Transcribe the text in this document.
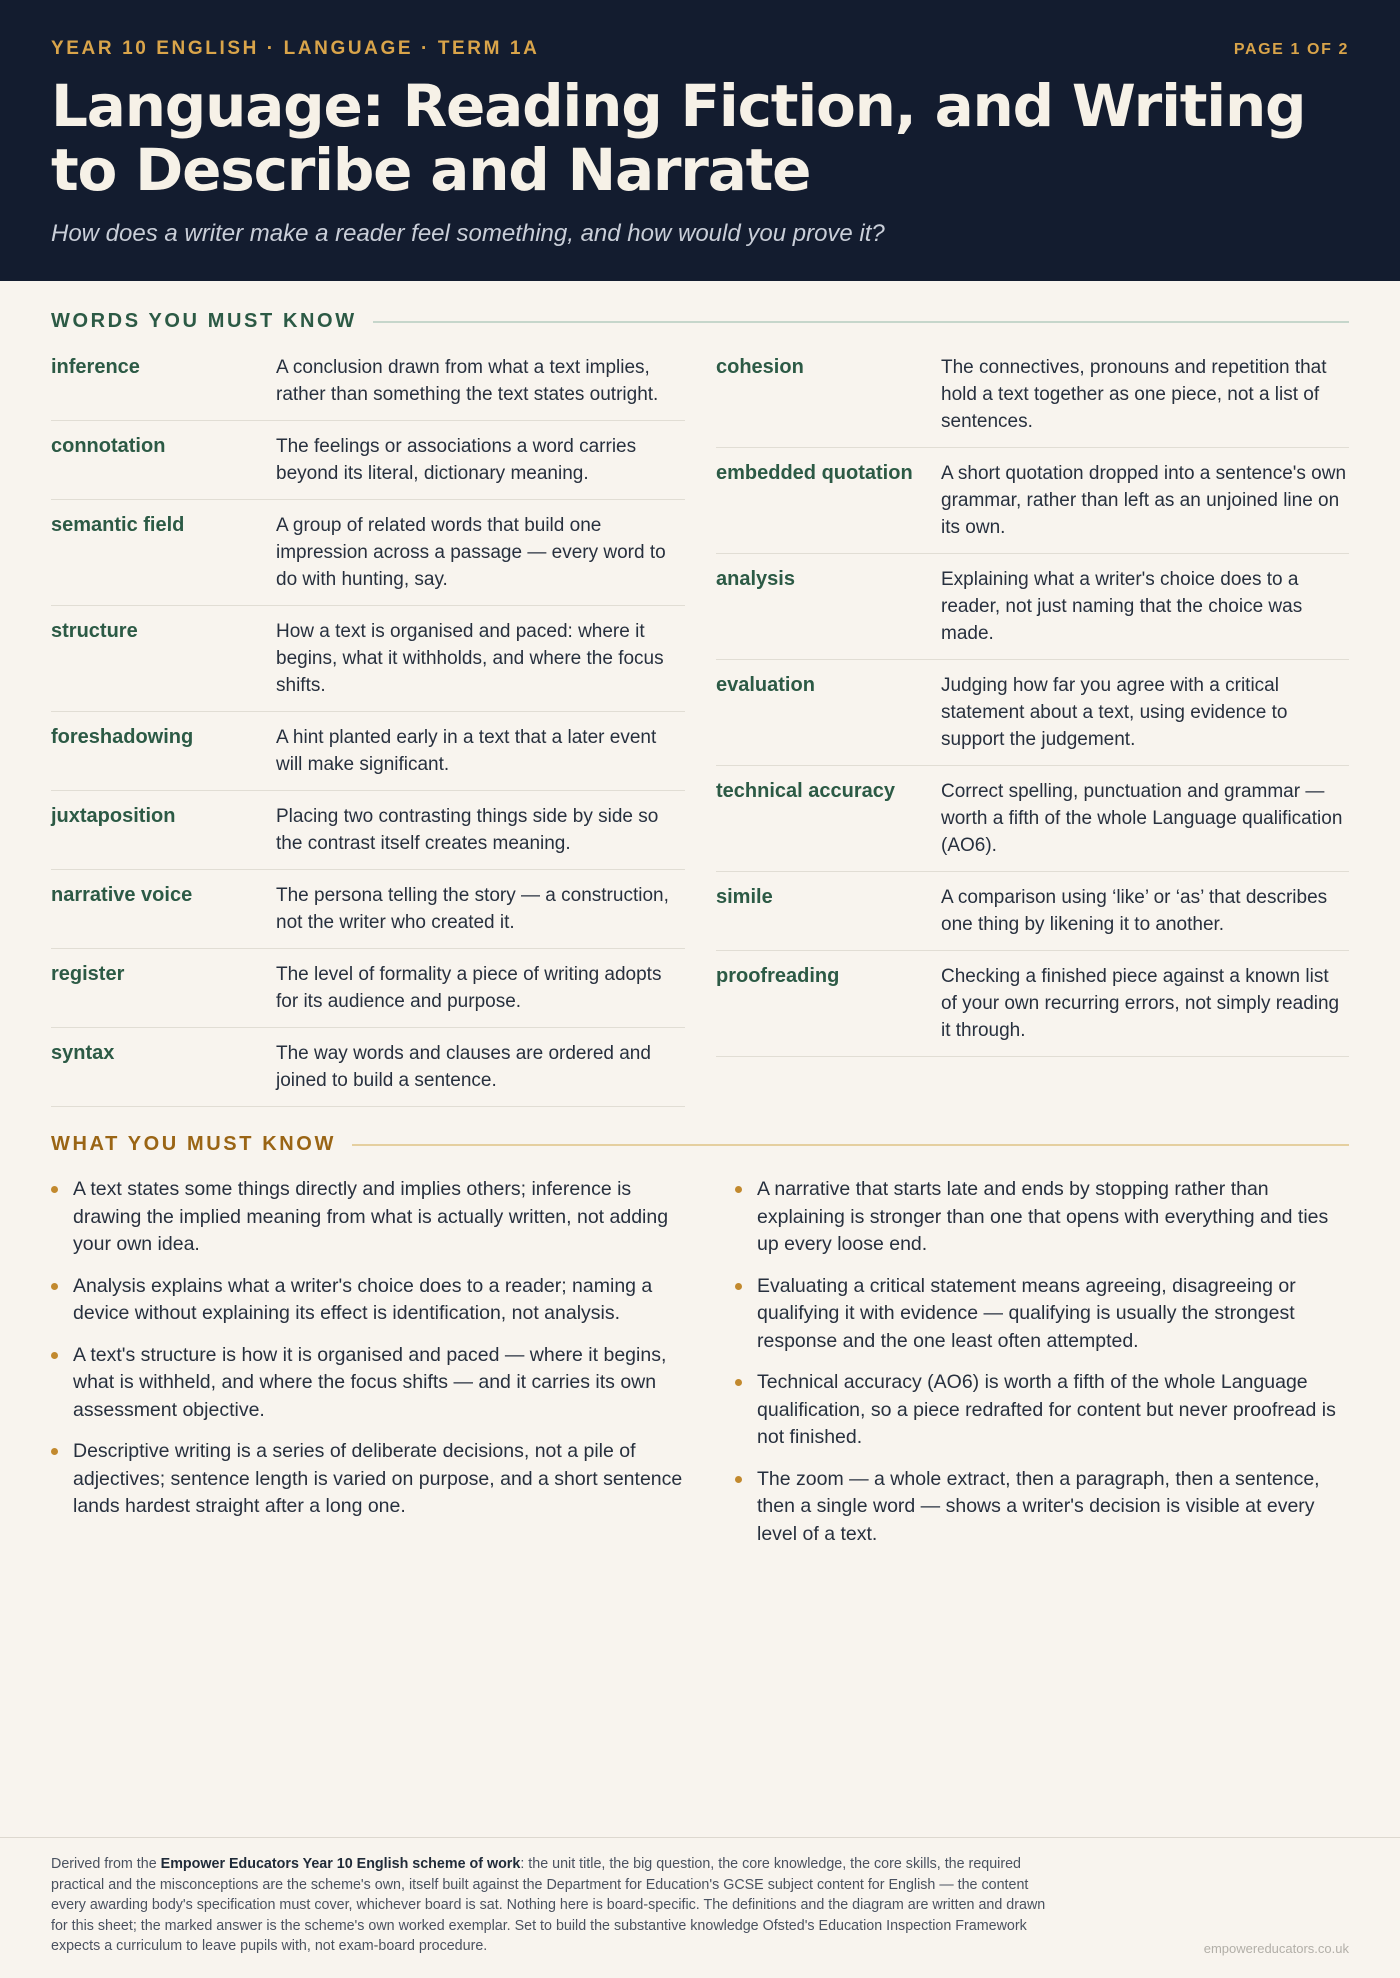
YEAR 10 ENGLISH · LANGUAGE · TERM 1A	PAGE 1 OF 2
Language: Reading Fiction, and Writing to Describe and Narrate
How does a writer make a reader feel something, and how would you prove it?
WORDS YOU MUST KNOW
inference	A conclusion drawn from what a text implies, rather than something the text states outright.
connotation	The feelings or associations a word carries beyond its literal, dictionary meaning.
semantic field	A group of related words that build one impression across a passage — every word to do with hunting, say.
structure	How a text is organised and paced: where it begins, what it withholds, and where the focus shifts.
foreshadowing	A hint planted early in a text that a later event will make significant.
juxtaposition	Placing two contrasting things side by side so the contrast itself creates meaning.
narrative voice	The persona telling the story — a construction, not the writer who created it.
register	The level of formality a piece of writing adopts for its audience and purpose.
syntax	The way words and clauses are ordered and joined to build a sentence.
cohesion	The connectives, pronouns and repetition that hold a text together as one piece, not a list of sentences.
embedded quotation	A short quotation dropped into a sentence's own grammar, rather than left as an unjoined line on its own.
analysis	Explaining what a writer's choice does to a reader, not just naming that the choice was made.
evaluation	Judging how far you agree with a critical statement about a text, using evidence to support the judgement.
technical accuracy	Correct spelling, punctuation and grammar — worth a fifth of the whole Language qualification (AO6).
simile	A comparison using ‘like’ or ‘as’ that describes one thing by likening it to another.
proofreading	Checking a finished piece against a known list of your own recurring errors, not simply reading it through.
WHAT YOU MUST KNOW
A text states some things directly and implies others; inference is drawing the implied meaning from what is actually written, not adding your own idea.
Analysis explains what a writer's choice does to a reader; naming a device without explaining its effect is identification, not analysis.
A text's structure is how it is organised and paced — where it begins, what is withheld, and where the focus shifts — and it carries its own assessment objective.
Descriptive writing is a series of deliberate decisions, not a pile of adjectives; sentence length is varied on purpose, and a short sentence lands hardest straight after a long one.
A narrative that starts late and ends by stopping rather than explaining is stronger than one that opens with everything and ties up every loose end.
Evaluating a critical statement means agreeing, disagreeing or qualifying it with evidence — qualifying is usually the strongest response and the one least often attempted.
Technical accuracy (AO6) is worth a fifth of the whole Language qualification, so a piece redrafted for content but never proofread is not finished.
The zoom — a whole extract, then a paragraph, then a sentence, then a single word — shows a writer's decision is visible at every level of a text.

Derived from the Empower Educators Year 10 English scheme of work: the unit title, the big question, the core knowledge, the core skills, the required practical and the misconceptions are the scheme's own, itself built against the Department for Education's GCSE subject content for English — the content every awarding body's specification must cover, whichever board is sat. Nothing here is board-specific. The definitions and the diagram are written and drawn for this sheet; the marked answer is the scheme's own worked exemplar. Set to build the substantive knowledge Ofsted's Education Inspection Framework expects a curriculum to leave pupils with, not exam-board procedure.	empowereducators.co.uk
